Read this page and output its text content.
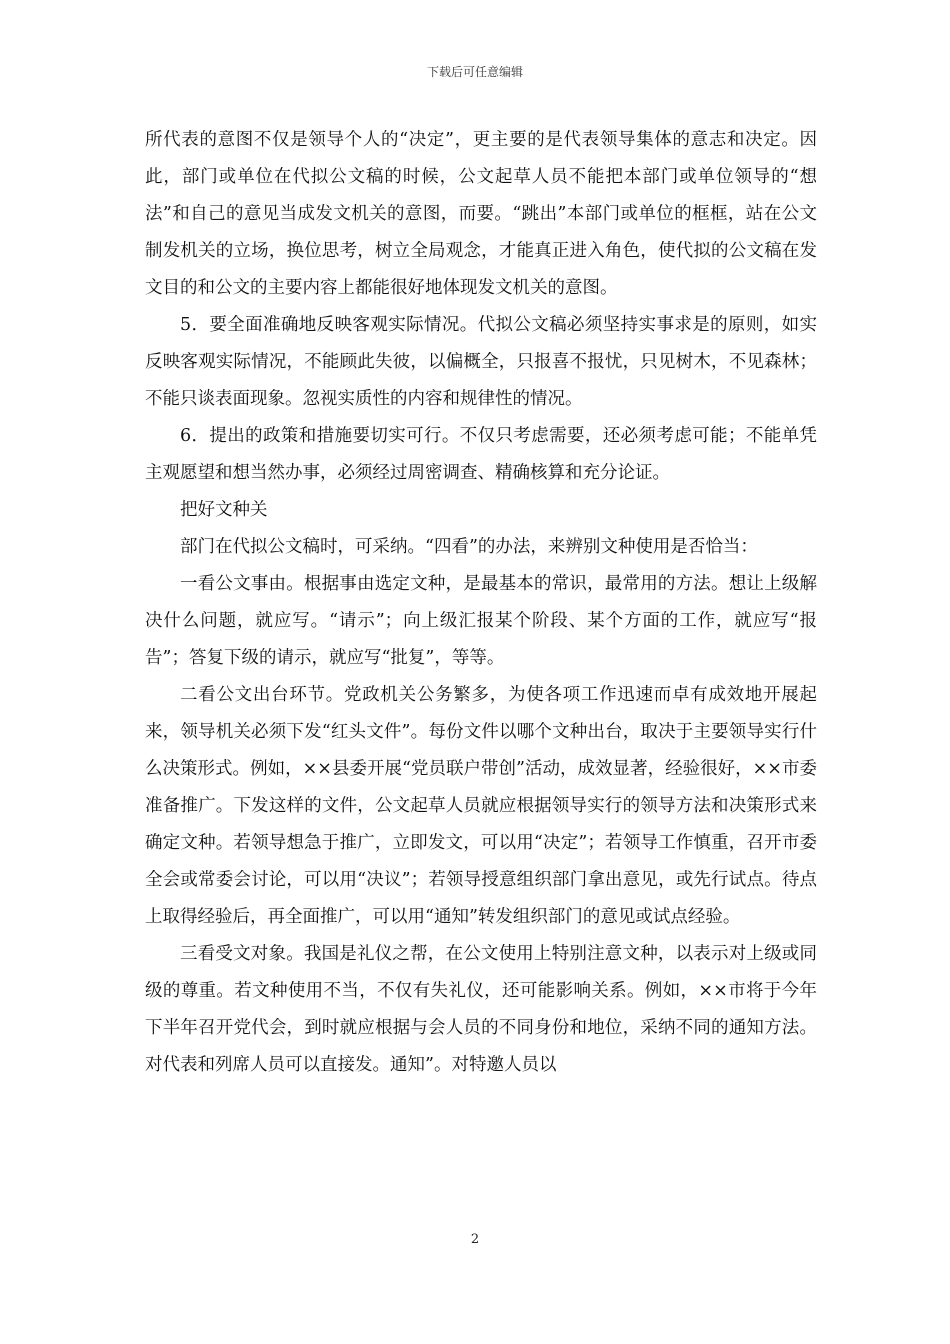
下载后可任意编辑

所代表的意图不仅是领导个人的“决定”，更主要的是代表领导集体的意志和决定。因此，部门或单位在代拟公文稿的时候，公文起草人员不能把本部门或单位领导的“想法”和自己的意见当成发文机关的意图，而要。“跳出”本部门或单位的框框，站在公文制发机关的立场，换位思考，树立全局观念，才能真正进入角色，使代拟的公文稿在发文目的和公文的主要内容上都能很好地体现发文机关的意图。

5．要全面准确地反映客观实际情况。代拟公文稿必须坚持实事求是的原则，如实反映客观实际情况，不能顾此失彼，以偏概全，只报喜不报忧，只见树木，不见森林；不能只谈表面现象。忽视实质性的内容和规律性的情况。

6．提出的政策和措施要切实可行。不仅只考虑需要，还必须考虑可能；不能单凭主观愿望和想当然办事，必须经过周密调查、精确核算和充分论证。

把好文种关

部门在代拟公文稿时，可采纳。“四看”的办法，来辨别文种使用是否恰当：

一看公文事由。根据事由选定文种，是最基本的常识，最常用的方法。想让上级解决什么问题，就应写。“请示”；向上级汇报某个阶段、某个方面的工作，就应写“报告”；答复下级的请示，就应写“批复”，等等。

二看公文出台环节。党政机关公务繁多，为使各项工作迅速而卓有成效地开展起来，领导机关必须下发“红头文件”。每份文件以哪个文种出台，取决于主要领导实行什么决策形式。例如，××县委开展“党员联户带创”活动，成效显著，经验很好，××市委准备推广。下发这样的文件，公文起草人员就应根据领导实行的领导方法和决策形式来确定文种。若领导想急于推广，立即发文，可以用“决定”；若领导工作慎重，召开市委全会或常委会讨论，可以用“决议”；若领导授意组织部门拿出意见，或先行试点。待点上取得经验后，再全面推广，可以用“通知”转发组织部门的意见或试点经验。

三看受文对象。我国是礼仪之帮，在公文使用上特别注意文种，以表示对上级或同级的尊重。若文种使用不当，不仅有失礼仪，还可能影响关系。例如，××市将于今年下半年召开党代会，到时就应根据与会人员的不同身份和地位，采纳不同的通知方法。对代表和列席人员可以直接发。通知”。对特邀人员以

2
